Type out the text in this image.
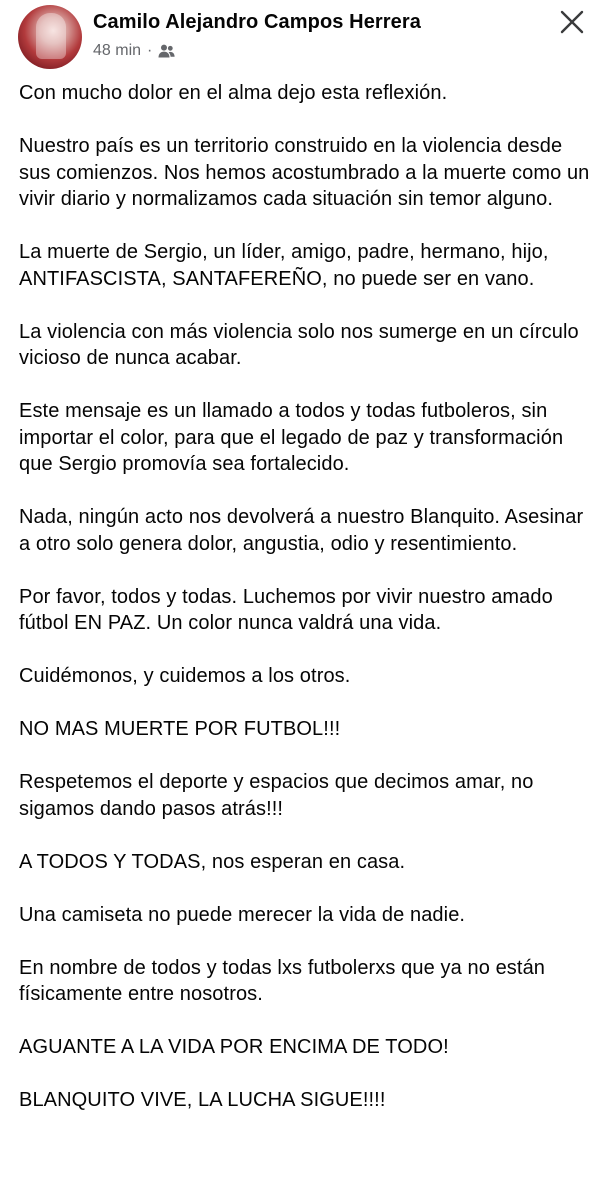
Camilo Alejandro Campos Herrera
48 min ·

Con mucho dolor en el alma dejo esta reflexión.

Nuestro país es un territorio construido en la violencia desde sus comienzos. Nos hemos acostumbrado a la muerte como un vivir diario y normalizamos cada situación sin temor alguno.

La muerte de Sergio, un líder, amigo, padre, hermano, hijo, ANTIFASCISTA, SANTAFEREÑO, no puede ser en vano.

La violencia con más violencia solo nos sumerge en un círculo vicioso de nunca acabar.

Este mensaje es un llamado a todos y todas futboleros, sin importar el color, para que el legado de paz y transformación que Sergio promovía sea fortalecido.

Nada, ningún acto nos devolverá a nuestro Blanquito. Asesinar a otro solo genera dolor, angustia, odio y resentimiento.

Por favor, todos y todas. Luchemos por vivir nuestro amado fútbol EN PAZ. Un color nunca valdrá una vida.

Cuidémonos, y cuidemos a los otros.

NO MAS MUERTE POR FUTBOL!!!

Respetemos el deporte y espacios que decimos amar, no sigamos dando pasos atrás!!!

A TODOS Y TODAS, nos esperan en casa.

Una camiseta no puede merecer la vida de nadie.

En nombre de todos y todas lxs futbolerxs que ya no están físicamente entre nosotros.

AGUANTE A LA VIDA POR ENCIMA DE TODO!

BLANQUITO VIVE, LA LUCHA SIGUE!!!!
